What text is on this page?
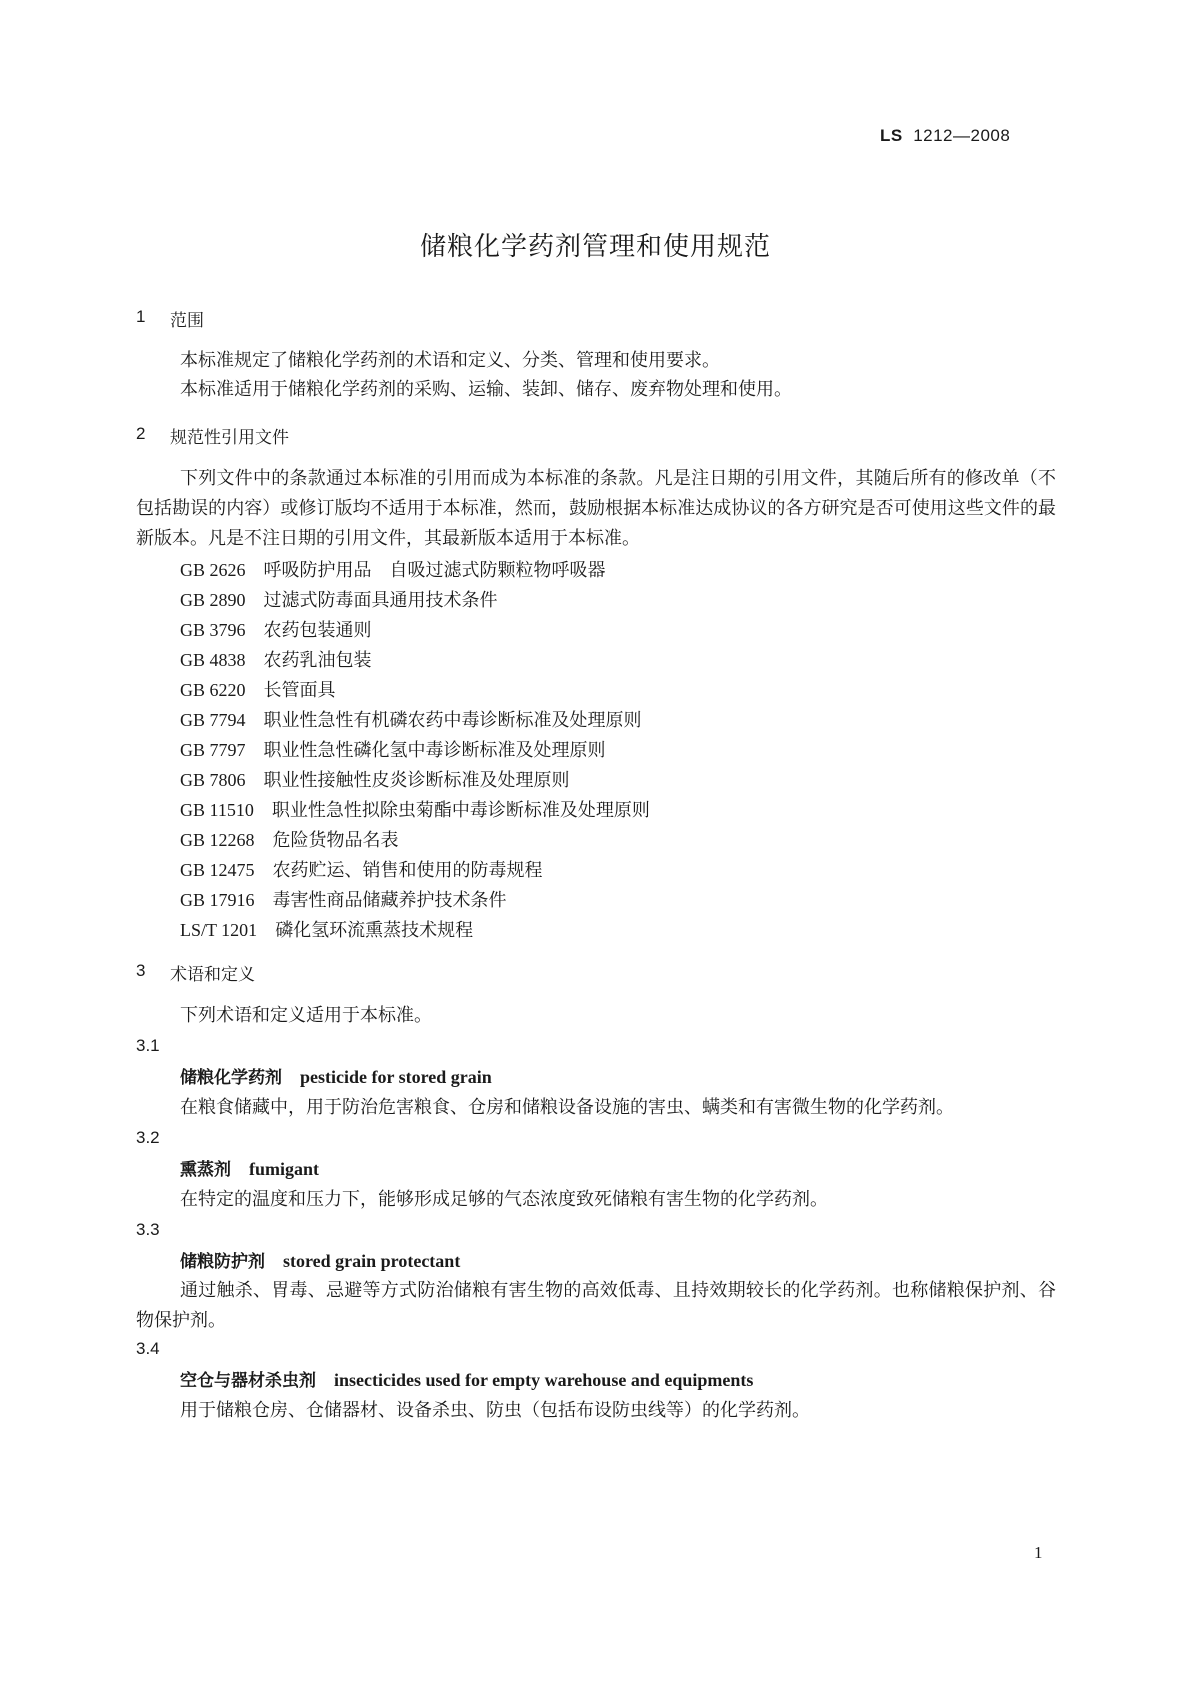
LS 1212—2008
储粮化学药剂管理和使用规范
1 范围
本标准规定了储粮化学药剂的术语和定义、分类、管理和使用要求。
本标准适用于储粮化学药剂的采购、运输、装卸、储存、废弃物处理和使用。
2 规范性引用文件
下列文件中的条款通过本标准的引用而成为本标准的条款。凡是注日期的引用文件，其随后所有的修改单（不包括勘误的内容）或修订版均不适用于本标准，然而，鼓励根据本标准达成协议的各方研究是否可使用这些文件的最新版本。凡是不注日期的引用文件，其最新版本适用于本标准。
GB 2626 呼吸防护用品　自吸过滤式防颗粒物呼吸器
GB 2890 过滤式防毒面具通用技术条件
GB 3796 农药包装通则
GB 4838 农药乳油包装
GB 6220 长管面具
GB 7794 职业性急性有机磷农药中毒诊断标准及处理原则
GB 7797 职业性急性磷化氢中毒诊断标准及处理原则
GB 7806 职业性接触性皮炎诊断标准及处理原则
GB 11510 职业性急性拟除虫菊酯中毒诊断标准及处理原则
GB 12268 危险货物品名表
GB 12475 农药贮运、销售和使用的防毒规程
GB 17916 毒害性商品储藏养护技术条件
LS/T 1201 磷化氢环流熏蒸技术规程
3 术语和定义
下列术语和定义适用于本标准。
3.1
储粮化学药剂 pesticide for stored grain
在粮食储藏中，用于防治危害粮食、仓房和储粮设备设施的害虫、螨类和有害微生物的化学药剂。
3.2
熏蒸剂 fumigant
在特定的温度和压力下，能够形成足够的气态浓度致死储粮有害生物的化学药剂。
3.3
储粮防护剂 stored grain protectant
通过触杀、胃毒、忌避等方式防治储粮有害生物的高效低毒、且持效期较长的化学药剂。也称储粮保护剂、谷物保护剂。
3.4
空仓与器材杀虫剂 insecticides used for empty warehouse and equipments
用于储粮仓房、仓储器材、设备杀虫、防虫（包括布设防虫线等）的化学药剂。
1
